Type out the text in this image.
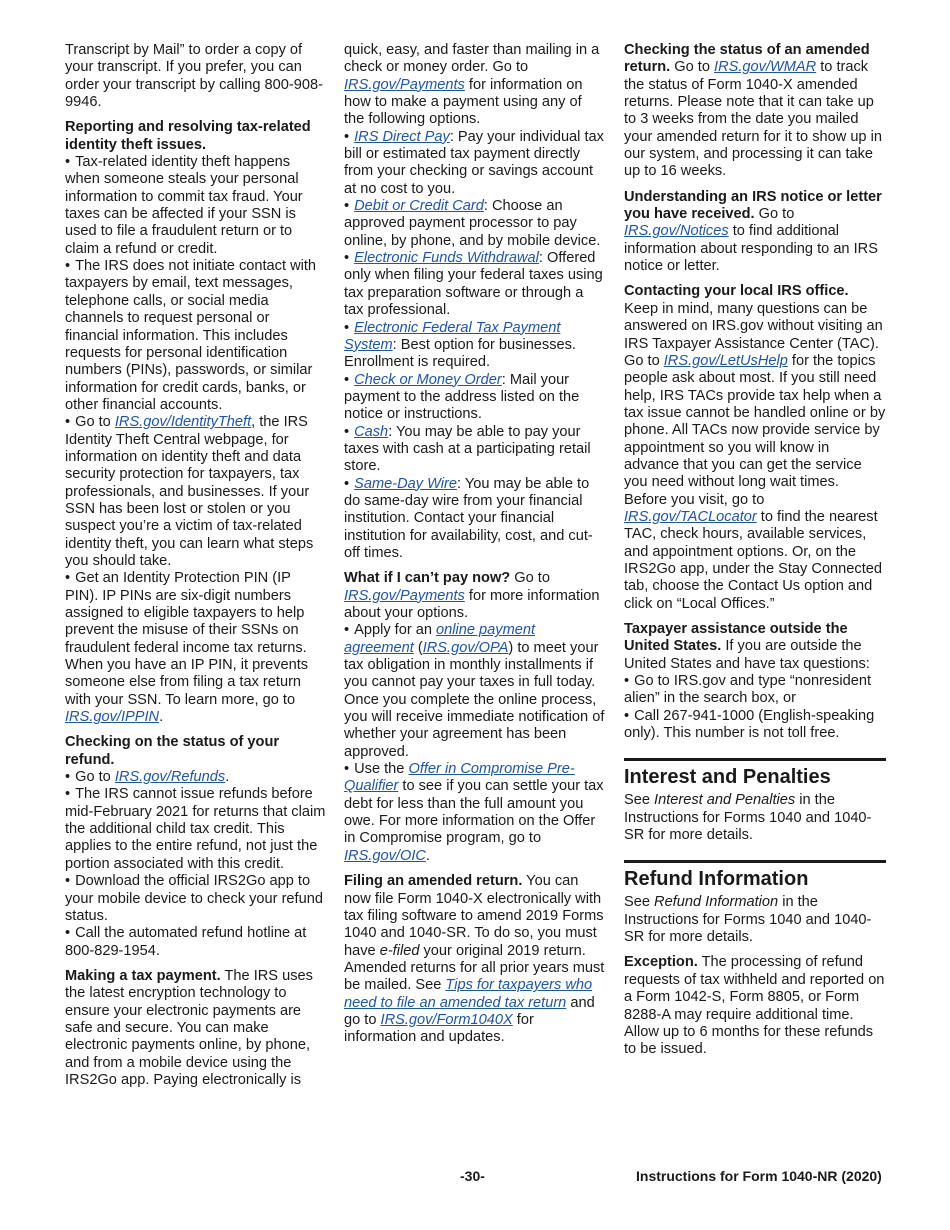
Transcript by Mail” to order a copy of your transcript. If you prefer, you can order your transcript by calling 800-908-9946.

Reporting and resolving tax-related identity theft issues.

• Tax-related identity theft happens when someone steals your personal information to commit tax fraud. Your taxes can be affected if your SSN is used to file a fraudulent return or to claim a refund or credit.

• The IRS does not initiate contact with taxpayers by email, text messages, telephone calls, or social media channels to request personal or financial information. This includes requests for personal identification numbers (PINs), passwords, or similar information for credit cards, banks, or other financial accounts.

• Go to IRS.gov/IdentityTheft, the IRS Identity Theft Central webpage, for information on identity theft and data security protection for taxpayers, tax professionals, and businesses. If your SSN has been lost or stolen or you suspect you’re a victim of tax-related identity theft, you can learn what steps you should take.

• Get an Identity Protection PIN (IP PIN). IP PINs are six-digit numbers assigned to eligible taxpayers to help prevent the misuse of their SSNs on fraudulent federal income tax returns. When you have an IP PIN, it prevents someone else from filing a tax return with your SSN. To learn more, go to IRS.gov/IPPIN.

Checking on the status of your refund.

• Go to IRS.gov/Refunds.

• The IRS cannot issue refunds before mid-February 2021 for returns that claim the additional child tax credit. This applies to the entire refund, not just the portion associated with this credit.

• Download the official IRS2Go app to your mobile device to check your refund status.

• Call the automated refund hotline at 800-829-1954.

Making a tax payment. The IRS uses the latest encryption technology to ensure your electronic payments are safe and secure. You can make electronic payments online, by phone, and from a mobile device using the IRS2Go app. Paying electronically is

quick, easy, and faster than mailing in a check or money order. Go to IRS.gov/Payments for information on how to make a payment using any of the following options.

• IRS Direct Pay: Pay your individual tax bill or estimated tax payment directly from your checking or savings account at no cost to you.

• Debit or Credit Card: Choose an approved payment processor to pay online, by phone, and by mobile device.

• Electronic Funds Withdrawal: Offered only when filing your federal taxes using tax preparation software or through a tax professional.

• Electronic Federal Tax Payment System: Best option for businesses. Enrollment is required.

• Check or Money Order: Mail your payment to the address listed on the notice or instructions.

• Cash: You may be able to pay your taxes with cash at a participating retail store.

• Same-Day Wire: You may be able to do same-day wire from your financial institution. Contact your financial institution for availability, cost, and cut-off times.

What if I can’t pay now? Go to IRS.gov/Payments for more information about your options.

• Apply for an online payment agreement (IRS.gov/OPA) to meet your tax obligation in monthly installments if you cannot pay your taxes in full today. Once you complete the online process, you will receive immediate notification of whether your agreement has been approved.

• Use the Offer in Compromise Pre-Qualifier to see if you can settle your tax debt for less than the full amount you owe. For more information on the Offer in Compromise program, go to IRS.gov/OIC.

Filing an amended return. You can now file Form 1040-X electronically with tax filing software to amend 2019 Forms 1040 and 1040-SR. To do so, you must have e-filed your original 2019 return. Amended returns for all prior years must be mailed. See Tips for taxpayers who need to file an amended tax return and go to IRS.gov/Form1040X for information and updates.

Checking the status of an amended return. Go to IRS.gov/WMAR to track the status of Form 1040-X amended returns. Please note that it can take up to 3 weeks from the date you mailed your amended return for it to show up in our system, and processing it can take up to 16 weeks.

Understanding an IRS notice or letter you have received. Go to IRS.gov/Notices to find additional information about responding to an IRS notice or letter.

Contacting your local IRS office. Keep in mind, many questions can be answered on IRS.gov without visiting an IRS Taxpayer Assistance Center (TAC). Go to IRS.gov/LetUsHelp for the topics people ask about most. If you still need help, IRS TACs provide tax help when a tax issue cannot be handled online or by phone. All TACs now provide service by appointment so you will know in advance that you can get the service you need without long wait times. Before you visit, go to IRS.gov/TACLocator to find the nearest TAC, check hours, available services, and appointment options. Or, on the IRS2Go app, under the Stay Connected tab, choose the Contact Us option and click on “Local Offices.”

Taxpayer assistance outside the United States. If you are outside the United States and have tax questions:

• Go to IRS.gov and type “nonresident alien” in the search box, or

• Call 267-941-1000 (English-speaking only). This number is not toll free.

Interest and Penalties

See Interest and Penalties in the Instructions for Forms 1040 and 1040-SR for more details.

Refund Information

See Refund Information in the Instructions for Forms 1040 and 1040-SR for more details.

Exception. The processing of refund requests of tax withheld and reported on a Form 1042-S, Form 8805, or Form 8288-A may require additional time. Allow up to 6 months for these refunds to be issued.

-30-	Instructions for Form 1040-NR (2020)
